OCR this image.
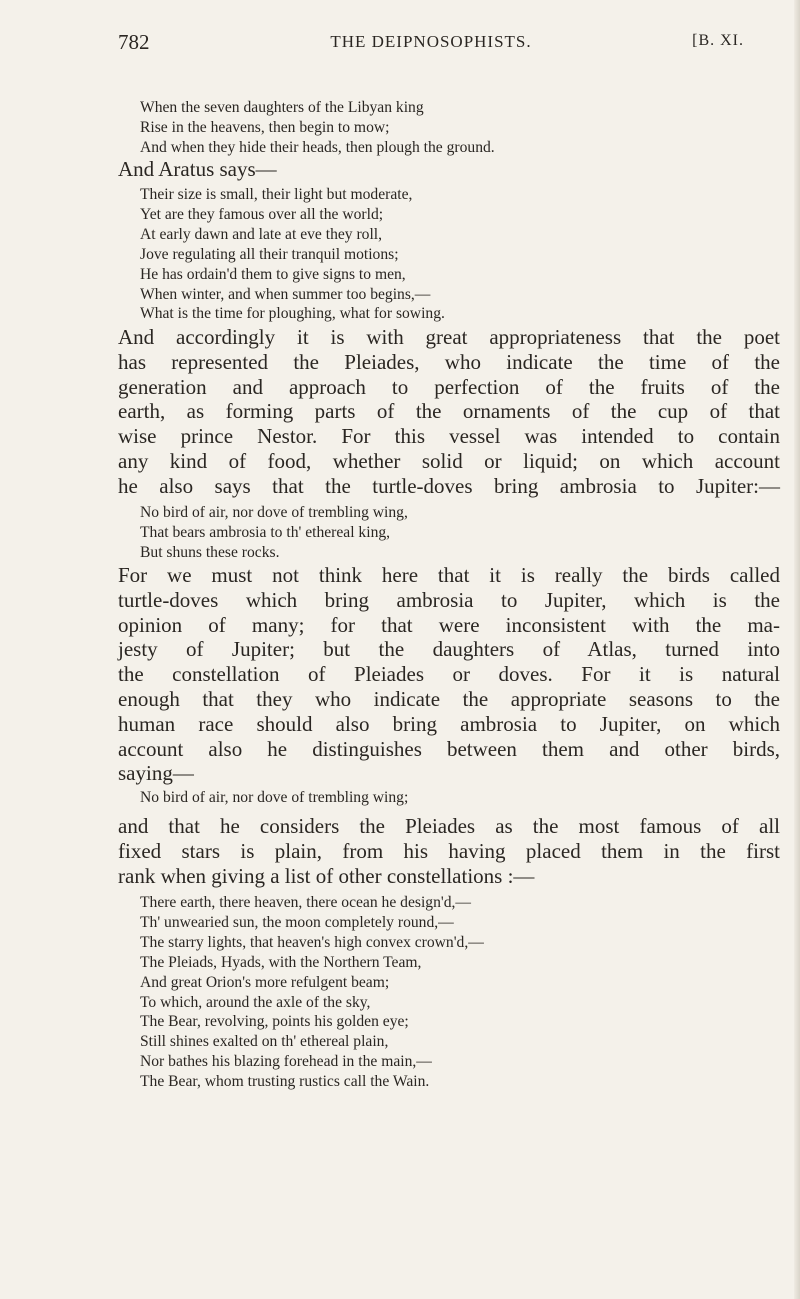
782	THE DEIPNOSOPHISTS.	[B. XI.
When the seven daughters of the Libyan king
Rise in the heavens, then begin to mow;
And when they hide their heads, then plough the ground.
And Aratus says—
Their size is small, their light but moderate,
Yet are they famous over all the world;
At early dawn and late at eve they roll,
Jove regulating all their tranquil motions;
He has ordain'd them to give signs to men,
When winter, and when summer too begins,—
What is the time for ploughing, what for sowing.
And accordingly it is with great appropriateness that the poet
has represented the Pleiades, who indicate the time of the
generation and approach to perfection of the fruits of the
earth, as forming parts of the ornaments of the cup of that
wise prince Nestor. For this vessel was intended to contain
any kind of food, whether solid or liquid; on which account
he also says that the turtle-doves bring ambrosia to Jupiter:—
No bird of air, nor dove of trembling wing,
That bears ambrosia to th' ethereal king,
But shuns these rocks.
For we must not think here that it is really the birds called
turtle-doves which bring ambrosia to Jupiter, which is the
opinion of many; for that were inconsistent with the ma-
jesty of Jupiter; but the daughters of Atlas, turned into
the constellation of Pleiades or doves. For it is natural
enough that they who indicate the appropriate seasons to the
human race should also bring ambrosia to Jupiter, on which
account also he distinguishes between them and other birds,
saying—
No bird of air, nor dove of trembling wing;
and that he considers the Pleiades as the most famous of all
fixed stars is plain, from his having placed them in the first
rank when giving a list of other constellations :—
There earth, there heaven, there ocean he design'd,—
Th' unwearied sun, the moon completely round,—
The starry lights, that heaven's high convex crown'd,—
The Pleiads, Hyads, with the Northern Team,
And great Orion's more refulgent beam;
To which, around the axle of the sky,
The Bear, revolving, points his golden eye;
Still shines exalted on th' ethereal plain,
Nor bathes his blazing forehead in the main,—
The Bear, whom trusting rustics call the Wain.
